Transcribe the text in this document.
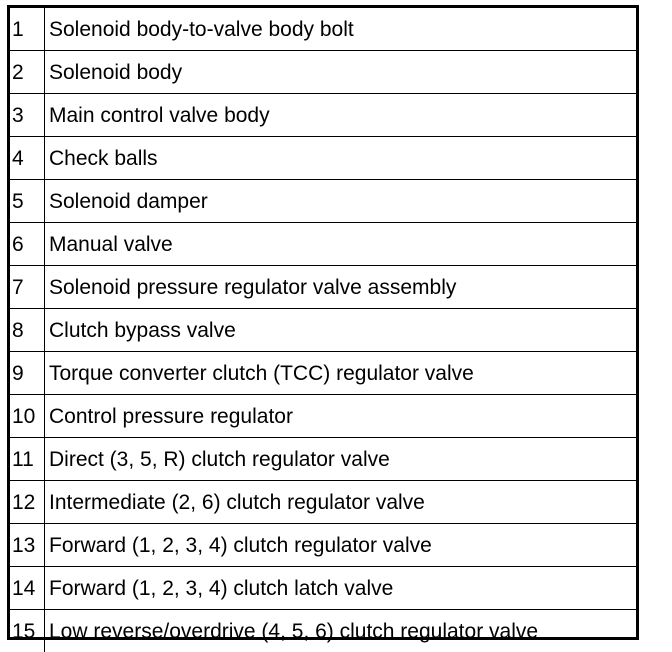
1	Solenoid body-to-valve body bolt
2	Solenoid body
3	Main control valve body
4	Check balls
5	Solenoid damper
6	Manual valve
7	Solenoid pressure regulator valve assembly
8	Clutch bypass valve
9	Torque converter clutch (TCC) regulator valve
10	Control pressure regulator
11	Direct (3, 5, R) clutch regulator valve
12	Intermediate (2, 6) clutch regulator valve
13	Forward (1, 2, 3, 4) clutch regulator valve
14	Forward (1, 2, 3, 4) clutch latch valve
15	Low reverse/overdrive (4, 5, 6) clutch regulator valve
